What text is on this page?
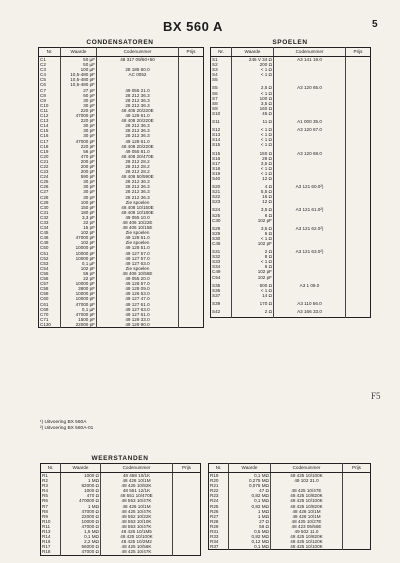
BX 560 A	5
CONDENSATOREN
Nr.	Waarde	Codenummer	Prijs
C1	50 µF	48 317 09/50+50	
C2	50 µF		
C3	100 µF	28 185 60.0	
C4	10,5-480 pF	AC 0052	
C5	10,5-480 pF		
C6	10,5-480 pF		
C7	27 pF	49 055 21.0	
C8	50 pF	28 212 36.3	
C9	30 pF	28 212 36.3	
C10	30 pF	28 212 36.3	
C11	220 pF	48 405 20/220E	
C12	47000 pF	49 128 61.0	
C13	220 pF	48 408 20/220E	
C14	30 pF	28 212 36.3	
C15	30 pF	28 212 36.3	
C16	30 pF	28 212 36.3	
C17	47000 pF	49 128 61.0	
C18	220 pF	48 408 20/220E	
C19	56 pF	49 055 81.0	
C20	470 pF	48 408 20/470E	
C21	200 pF	28 212 28.2	
C22	200 pF	28 212 28.2	
C23	200 pF	28 212 28.2	
C24	590 pF	48 408 50/590E	
C25	30 pF	28 212 36.3	
C26	30 pF	28 212 36.3	
C27	30 pF	28 212 36.3	
C28	30 pF	28 212 36.3	
C29	100 pF	Zie spoelen	
C30	150 pF	48 408 10/150E	
C31	180 pF	48 408 10/180E	
C32	3,3 pF	49 055 10.0	
C33	22 pF	48 406 10/22E	
C34	15 pF	48 406 10/15E	
C45	102 pF	Zie spoelen	
C46	47000 pF	49 128 61.0	
C49	102 pF	Zie spoelen	
C50	10000 pF	49 128 51.0	
C51	10000 pF	49 127 57.0	
C52	10000 pF	49 127 57.0	
C53	0,1 µF	49 127 63.0	
C54	102 pF	Zie spoelen	
C55	56 pF	48 406 10/56E	
C56	22 pF	49 055 20.0	
C57	10000 pF	49 128 57.0	
C58	3900 pF	49 128 09.0	
C59	10000 pF	49 126 53.0	
C60	10000 pF	49 127 47.0	
C61	47000 pF	49 127 61.0	
C69	0,1 µF	49 127 63.0	
C70	47000 pF	49 127 61.0	
C71	1500 pF	49 129 33.0	
C130	22000 pF	49 129 90.0	
¹) Uitvoering BX 560A
²) Uitvoering BX 560A-01
SPOELEN
Nr.	Waarde	Codenummer	Prijs
S1	245 V 34 Ω	A3 141 19.0	
S2	200 Ω		
S3	< 1 Ω		
S4	< 1 Ω		
S5			

S5	2,5 Ω	A3 120 65.0	
S6	< 1 Ω		
S7	100 Ω		
S8	3,5 Ω		
S9	160 Ω		
S10	45 Ω		

S11	11 Ω	A1 000 35.0	

S12	< 1 Ω	A3 120 67.0	
S13	< 1 Ω		
S14	< 1 Ω		
S15	< 1 Ω		

S15	150 Ω	A3 120 68.0	
S16	26 Ω		
S17	3,5 Ω		
S18	< 1 Ω		
S19	< 1 Ω		
S40	12 Ω		

S20	4 Ω	A3 121 60.0²)	
S21	5,5 Ω		
S22	16 Ω		
S23	12 Ω		

S24	3,5 Ω	A3 121 61.0²)	
S25	6 Ω		
C30	102 pF		

S29	3,5 Ω	A3 121 62.0²)	
S29	6 Ω		
S30	< 1 Ω		
C45	102 pF		

S31	2 Ω	A3 121 63.0²)	
S32	8 Ω		
S33	< 1 Ω		
S34	6 Ω		
C49	102 pF		
C54	102 pF		

S35	600 Ω	A3 1 09.0	
S36	< 1 Ω		
S37	14 Ω		

S39	170 Ω	A3 110 56.0	

S42	2 Ω	A3 166 33.0	

F5
WEERSTANDEN
Nr.	Waarde	Codenummer	Prijs
R1	1000 Ω	48 468 10/1K	
R2	1 MΩ	48 426 10/1M	
R3	82000 Ω	48 426 10/82K	
R4	1000 Ω	48 551 12/1K	
R5	470 Ω	48 551 10/470E	
R6	470000 Ω	48 553 10/47K	
R7	1 MΩ	48 426 10/1M	
R8	47000 Ω	48 425 10/47K	
R9	22000 Ω	48 552 10/22K	
R10	10000 Ω	48 553 10/10K	
R11	47000 Ω	48 553 10/47K	
R13	1,5 MΩ	48 426 10/1M5	
R14	0,1 MΩ	48 425 10/100K	
R16	2,2 MΩ	48 425 10/2M2	
R17	56000 Ω	48 425 10/56K	
R18	47000 Ω	48 425 10/47K	
Nr.	Waarde	Codenummer	Prijs
R19	0,1 MΩ	48 425 10/100K	
R20	0,275 MΩ	49 102 31.0	
R21	0,075 MΩ		
R22	47 Ω	48 425 10/47E	
R23	0,82 MΩ	48 425 10/820K	
R24	0,1 MΩ	48 425 10/100K	
R25	0,82 MΩ	48 425 10/820K	
R26	1 MΩ	48 426 10/1M	
R27	1 MΩ	48 426 10/1M	
R28	27 Ω	48 425 10/27E	
R29	56 Ω	48 423 05/56E	
R31	0,5 MΩ	49 502 11.0	
R33	0,82 MΩ	48 425 10/820K	
R34	0,12 MΩ	48 425 10/120K	
R37	0,1 MΩ	48 425 10/100K	
